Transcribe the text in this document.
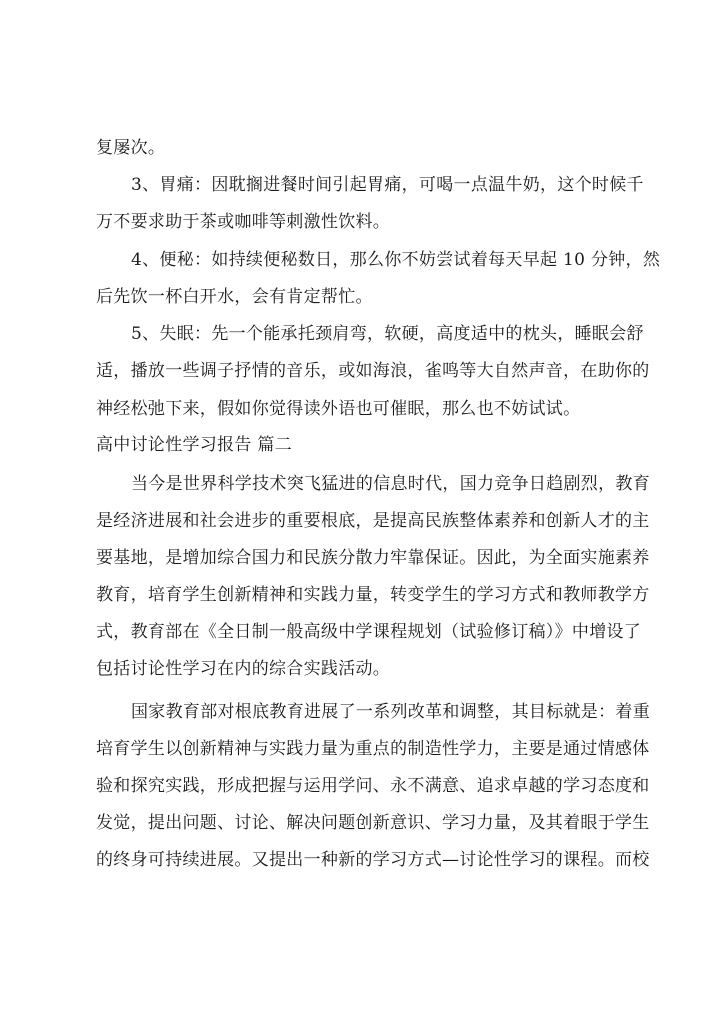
复屡次。
3、胃痛：因耽搁进餐时间引起胃痛，可喝一点温牛奶，这个时候千
万不要求助于茶或咖啡等刺激性饮料。
4、便秘：如持续便秘数日，那么你不妨尝试着每天早起 10 分钟，然
后先饮一杯白开水，会有肯定帮忙。
5、失眠：先一个能承托颈肩弯，软硬，高度适中的枕头，睡眠会舒
适，播放一些调子抒情的音乐，或如海浪，雀鸣等大自然声音，在助你的
神经松弛下来，假如你觉得读外语也可催眠，那么也不妨试试。
高中讨论性学习报告 篇二
当今是世界科学技术突飞猛进的信息时代，国力竞争日趋剧烈，教育
是经济进展和社会进步的重要根底，是提高民族整体素养和创新人才的主
要基地，是增加综合国力和民族分散力牢靠保证。因此，为全面实施素养
教育，培育学生创新精神和实践力量，转变学生的学习方式和教师教学方
式，教育部在《全日制一般高级中学课程规划（试验修订稿）》中增设了
包括讨论性学习在内的综合实践活动。
国家教育部对根底教育进展了一系列改革和调整，其目标就是：着重
培育学生以创新精神与实践力量为重点的制造性学力，主要是通过情感体
验和探究实践，形成把握与运用学问、永不满意、追求卓越的学习态度和
发觉，提出问题、讨论、解决问题创新意识、学习力量，及其着眼于学生
的终身可持续进展。又提出一种新的学习方式—讨论性学习的课程。而校
